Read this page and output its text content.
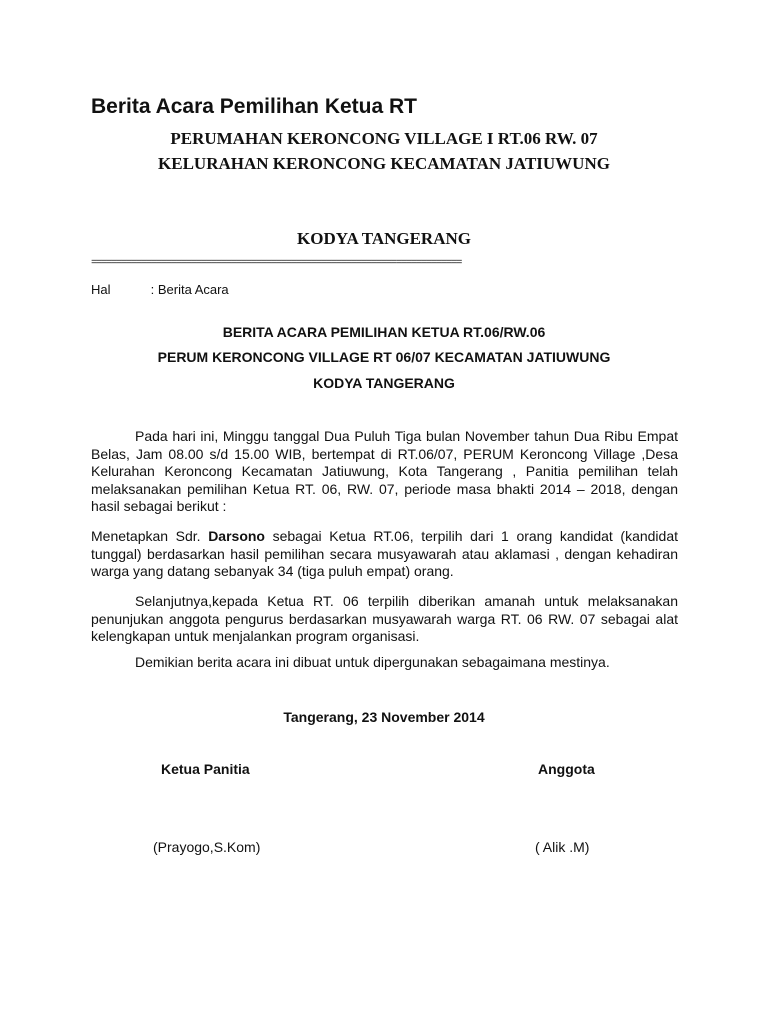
Berita Acara Pemilihan Ketua RT

PERUMAHAN KERONCONG VILLAGE I RT.06 RW. 07

KELURAHAN KERONCONG KECAMATAN JATIUWUNG

KODYA TANGERANG

==========================================================================
Hal	: Berita Acara

BERITA ACARA PEMILIHAN KETUA RT.06/RW.06

PERUM KERONCONG VILLAGE RT 06/07 KECAMATAN JATIUWUNG

KODYA TANGERANG

Pada hari ini, Minggu tanggal Dua Puluh Tiga bulan November tahun Dua Ribu Empat Belas, Jam 08.00 s/d 15.00 WIB, bertempat di RT.06/07, PERUM Keroncong Village ,Desa Kelurahan Keroncong Kecamatan Jatiuwung, Kota Tangerang , Panitia pemilihan telah melaksanakan pemilihan Ketua RT. 06, RW. 07, periode masa bhakti 2014 – 2018, dengan hasil sebagai berikut :

Menetapkan Sdr. Darsono sebagai Ketua RT.06, terpilih dari 1 orang kandidat (kandidat tunggal) berdasarkan hasil pemilihan secara musyawarah atau aklamasi , dengan kehadiran warga yang datang sebanyak 34 (tiga puluh empat) orang.

Selanjutnya,kepada Ketua RT. 06 terpilih diberikan amanah untuk melaksanakan penunjukan anggota pengurus berdasarkan musyawarah warga RT. 06 RW. 07 sebagai alat kelengkapan untuk menjalankan program organisasi.

Demikian berita acara ini dibuat untuk dipergunakan sebagaimana mestinya.

Tangerang, 23 November 2014
Ketua Panitia	Anggota
(Prayogo,S.Kom)	( Alik .M)
